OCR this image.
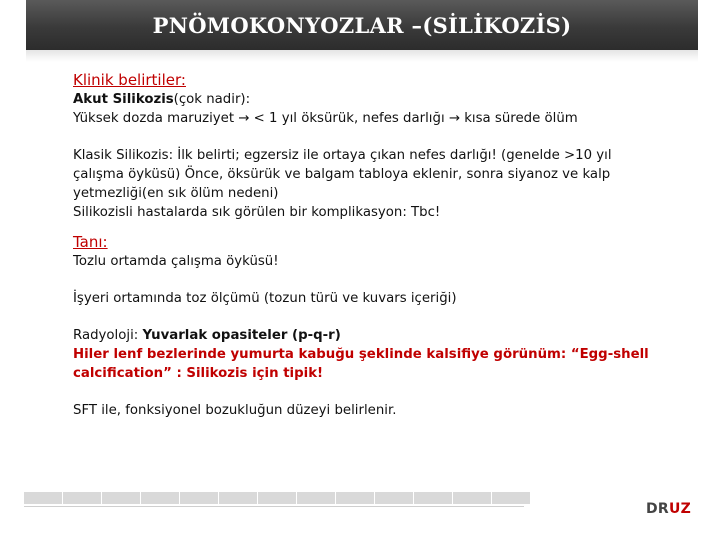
PNÖMOKONYOZLAR –(SİLİKOZİS)
Klinik belirtiler:
Akut Silikozis(çok nadir):
Yüksek dozda maruziyet → < 1 yıl öksürük, nefes darlığı → kısa sürede ölüm
Klasik Silikozis: İlk belirti; egzersiz ile ortaya çıkan nefes darlığı! (genelde >10 yıl
çalışma öyküsü) Önce, öksürük ve balgam tabloya eklenir, sonra siyanoz ve kalp
yetmezliği(en sık ölüm nedeni)
Silikozisli hastalarda sık görülen bir komplikasyon: Tbc!
Tanı:
Tozlu ortamda çalışma öyküsü!
İşyeri ortamında toz ölçümü (tozun türü ve kuvars içeriği)
Radyoloji: Yuvarlak opasiteler (p-q-r)
Hiler lenf bezlerinde yumurta kabuğu şeklinde kalsifiye görünüm: “Egg-shell
calcification” : Silikozis için tipik!
SFT ile, fonksiyonel bozukluğun düzeyi belirlenir.
DRUZ
